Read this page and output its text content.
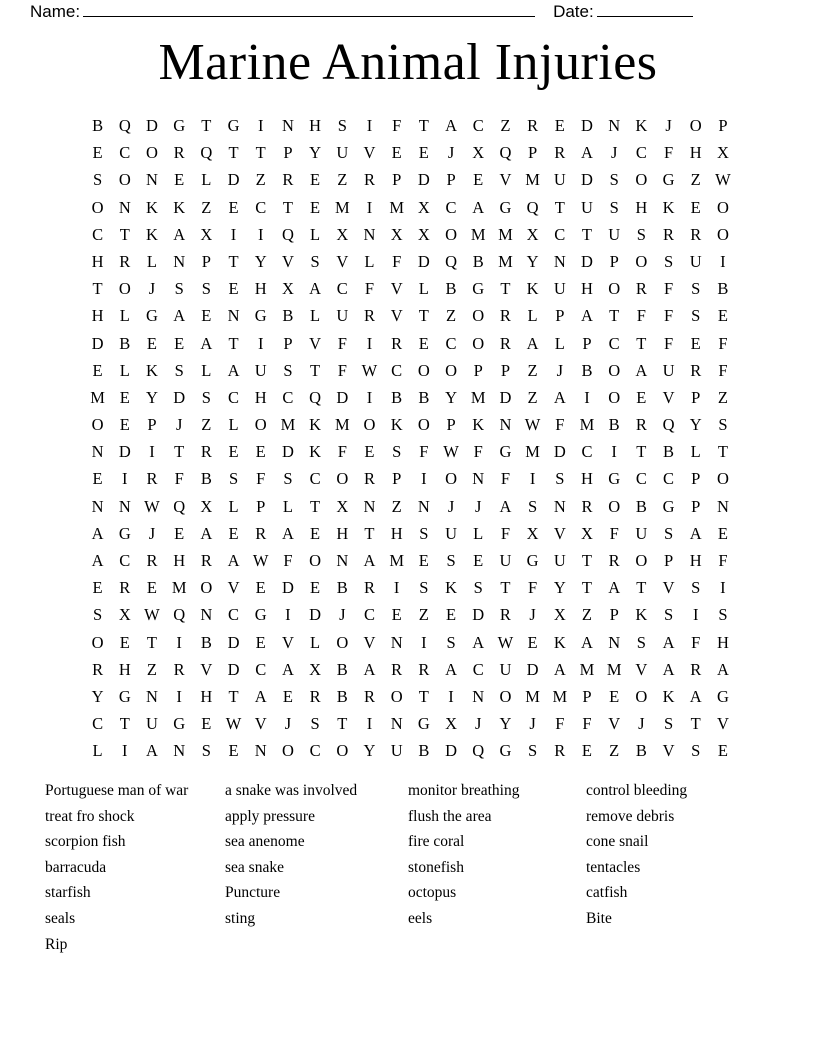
Name:	Date:
Marine Animal Injuries
B Q D G T G	I	N H	S	I	F	T A C	Z	R	E D N K	J	O	P
E	C O R Q T	T	P	Y U V E	E	J	X Q	P	R A	J	C	F	H X
S	O N E	L D Z	R	E	Z	R	P	D	P	E V M U D	S	O G Z W
O N K K Z	E	C	T	E M	I	M X C A G Q T U	S	H K E O
C	T K A X	I	I	Q L X N X X O M M X C	T U	S	R R O
H R	L N	P	T Y V	S	V L	F	D Q B M Y N D	P	O	S	U	I
T O	J	S	S	E H X A C	F	V L	B G T K U H O R	F	S	B
H L G A E N G B	L U R V T	Z O R	L	P	A T	F	F	S	E
D B	E	E A T	I	P	V	F	I	R	E	C O R A L	P	C	T	F	E	F
E	L K	S	L A U	S	T	F W C O O	P	P	Z	J	B O A U R	F
M E Y D	S	C H C Q D	I	B B Y M D Z A	I	O E V	P	Z
O E	P	J	Z	L O M K M O K O	P	K N W F M B R Q Y	S
N D	I	T	R	E	E D K	F	E	S	F W F	G M D C	I	T	B	L	T
E	I	R	F	B	S	F	S	C O R	P	I	O N	F	I	S	H G C C	P	O
N N W Q X L	P	L	T X N Z N	J	J	A	S	N R O B G	P	N
A G	J	E A E	R A E H T H	S	U L	F	X V X	F	U	S	A E
A C R H R A W F	O N A M E	S	E U G U T	R O	P	H	F
E	R	E M O V E D E	B R	I	S	K	S	T	F	Y T A T V	S	I
S	X W Q N C G	I	D	J	C	E	Z	E D R	J	X Z	P	K	S	I	S
O E	T	I	B D E V L O V N	I	S	A W E K A N	S	A	F	H
R H Z	R V D C A X B A R R A C U D A M M V A R A
Y G N	I	H T A E	R B R O T	I	N O M M P	E O K A G
C	T U G E W V	J	S	T	I	N G X	J	Y	J	F	F	V	J	S	T V
L	I	A N	S	E N O C O Y U B D Q G	S	R	E	Z	B V	S	E
Portuguese man of war
treat fro shock
scorpion fish
barracuda
starfish
seals
Rip
a snake was involved
apply pressure
sea anenome
sea snake
Puncture
sting
monitor breathing
flush the area
fire coral
stonefish
octopus
eels
control bleeding
remove debris
cone snail
tentacles
catfish
Bite
